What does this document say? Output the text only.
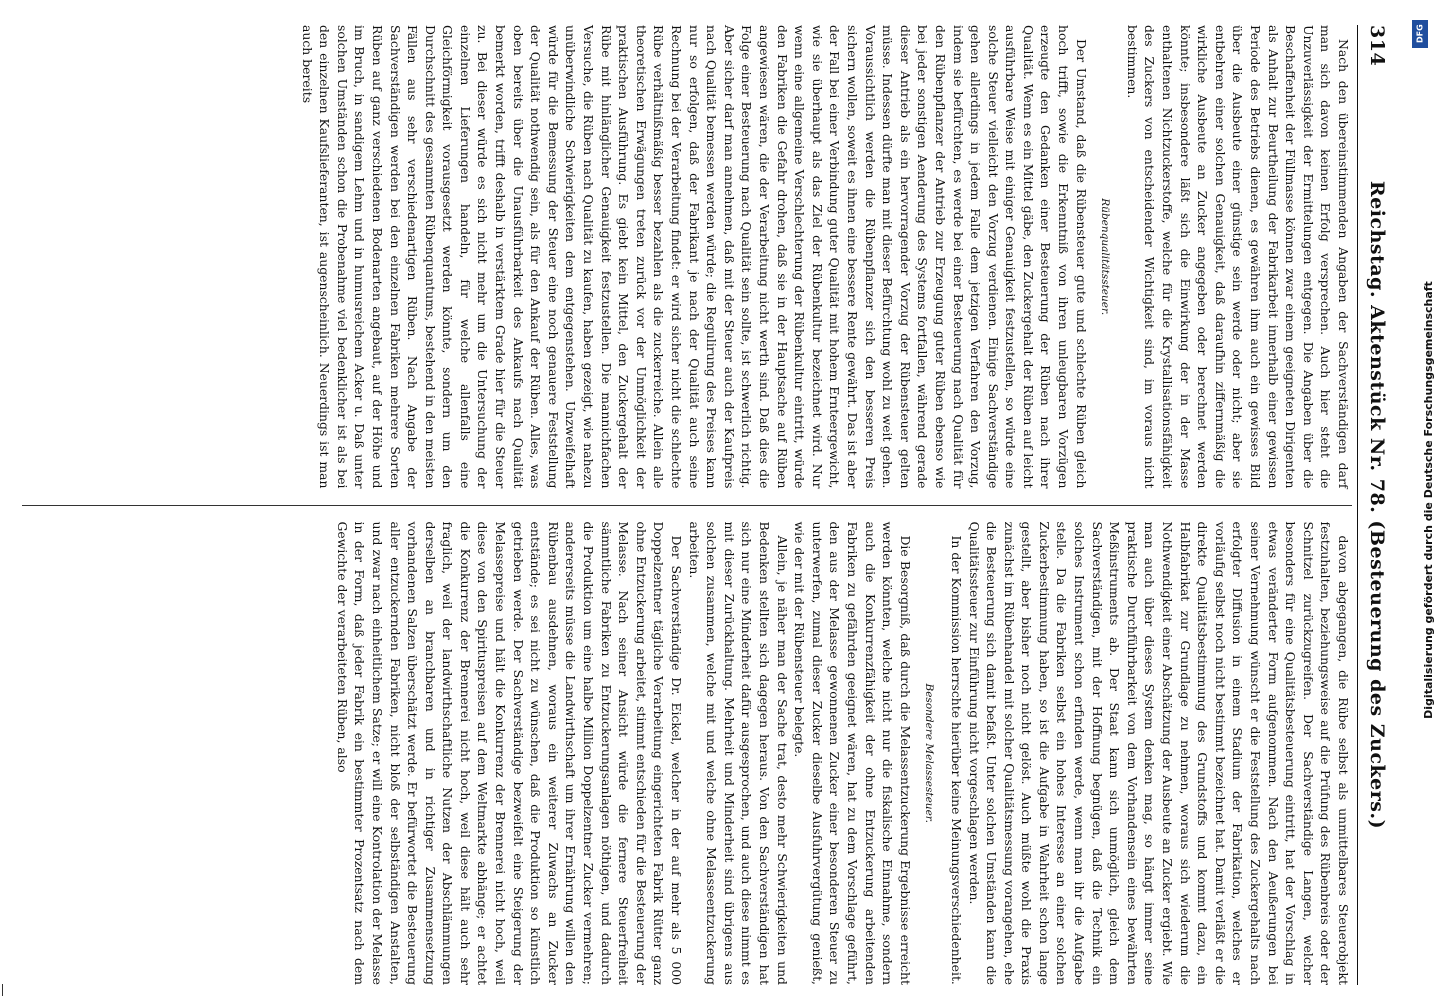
314
Reichstag. Aktenstück Nr. 78. (Besteuerung des Zuckers.)

Nach den übereinstimmenden Angaben der Sachverständigen darf man sich davon keinen Erfolg versprechen. Auch hier steht die Unzuverlässigkeit der Ermittelungen entgegen. Die Angaben über die Beschaffenheit der Füllmasse können zwar einem geeigneten Dirigenten als Anhalt zur Beurtheilung der Fabrikarbeit innerhalb einer gewissen Periode des Betriebs dienen, es gewähren ihm auch ein gewisses Bild über die Ausbeute einer günstige sein werde oder nicht; aber sie entbehren einer solchen Genauigkeit, daß daraufhin ziffernmäßig die wirkliche Ausbeute an Zucker angegeben oder berechnet werden könnte; insbesondere läßt sich die Einwirkung der in der Masse enthaltenen Nichtzuckerstoffe, welche für die Krystallisationsfähigkeit des Zuckers von entscheidender Wichtigkeit sind, im voraus nicht bestimmen.

Rübenqualitätssteuer.

Der Umstand, daß die Rübensteuer gute und schlechte Rüben gleich hoch trifft, sowie die Erkenntniß von ihren unleugbaren Vorzügen erzeugte den Gedanken einer Besteuerung der Rüben nach ihrer Qualität. Wenn es ein Mittel gäbe, den Zuckergehalt der Rüben auf leicht ausführbare Weise mit einiger Genauigkeit festzustellen, so würde eine solche Steuer vielleicht den Vorzug verdienen. Einige Sachverständige gehen allerdings in jedem Falle dem jetzigen Verfahren den Vorzug, indem sie befürchten, es werde bei einer Besteuerung nach Qualität für den Rübenpflanzer der Antrieb zur Erzeugung guter Rüben ebenso wie bei jeder sonstigen Aenderung des Systems fortfallen, während gerade dieser Antrieb als ein hervorragender Vorzug der Rübensteuer gelten müsse. Indessen dürfte man mit dieser Befürchtung wohl zu weit gehen. Voraussichtlich werden die Rübenpflanzer sich den besseren Preis sichern wollen, soweit es ihnen eine bessere Rente gewährt. Das ist aber der Fall bei einer Verbindung guter Qualität mit hohem Ernteergewicht, wie sie überhaupt als das Ziel der Rübenkultur bezeichnet wird. Nur wenn eine allgemeine Verschlechterung der Rübenkultur eintritt, würde den Fabriken die Gefahr drohen, daß sie in der Hauptsache auf Rüben angewiesen wären, die der Verarbeitung nicht werth sind. Daß dies die Folge einer Besteuerung nach Qualität sein sollte, ist schwerlich richtig. Aber sicher darf man annehmen, daß mit der Steuer auch der Kaufpreis nach Qualität bemessen werden würde; die Regulirung des Preises kann nur so erfolgen, daß der Fabrikant je nach der Qualität auch seine Rechnung bei der Verarbeitung findet: er wird sicher nicht die schlechte Rübe verhältnißmäßig besser bezahlen als die zuckerreiche. Allein alle theoretischen Erwägungen treten zurück vor der Unmöglichkeit der praktischen Ausführung. Es giebt kein Mittel, den Zuckergehalt der Rübe mit hinlänglicher Genauigkeit festzustellen. Die mannichfachen Versuche, die Rüben nach Qualität zu kaufen, haben gezeigt, wie nahezu unüberwindliche Schwierigkeiten dem entgegenstehen. Unzweifelhaft würde für die Bemessung der Steuer eine noch genauere Feststellung der Qualität nothwendig sein, als für den Ankauf der Rüben. Alles, was oben bereits über die Unausführbarkeit des Ankaufs nach Qualität bemerkt worden, trifft deshalb in verstärktem Grade hier für die Steuer zu. Bei dieser würde es sich nicht mehr um die Untersuchung der einzelnen Lieferungen handeln, für welche allenfalls eine Gleichförmigkeit vorausgesetzt werden könnte, sondern um den Durchschnitt des gesammten Rübenquantums, bestehend in den meisten Fällen aus sehr verschiedenartigen Rüben. Nach Angabe der Sachverständigen werden bei den einzelnen Fabriken mehrere Sorten Rüben auf ganz verschiedenen Bodenarten angebaut, auf der Höhe und im Bruch, in sandigem Lehm und in humusreichem Acker u. Daß unter solchen Umständen schon die Probenahme viel bedenklicher ist als bei den einzelnen Kaufslieferanten, ist augenscheinlich. Neuerdings ist man auch bereits

davon abgegangen, die Rübe selbst als unmittelbares Steuerobjekt festzuhalten, beziehungsweise auf die Prüfung des Rübenbreis oder der Schnitzel zurückzugreifen. Der Sachverständige Langen, welcher besonders für eine Qualitätsbesteuerung eintritt, hat der Vorschlag in etwas veränderter Form aufgenommen. Nach den Aeußerungen bei seiner Vernehmung wünscht er die Feststellung des Zuckergehalts nach erfolgter Diffusion in einem Stadium der Fabrikation, welches er vorläufig selbst noch nicht bestimmt bezeichnet hat. Damit verläßt er die direkte Qualitätsbestimmung des Grundstoffs und kommt dazu, ein Halbfabrikat zur Grundlage zu nehmen, woraus sich wiederum die Nothwendigkeit einer Abschätzung der Ausbeute an Zucker ergiebt. Wie man auch über dieses System denken mag, so hängt immer seine praktische Durchführbarkeit von dem Vorhandensein eines bewährten Meßinstruments ab. Der Staat kann sich unmöglich, gleich dem Sachverständigen, mit der Hoffnung begnügen, daß die Technik ein solches Instrument schon erfinden werde, wenn man ihr die Aufgabe stelle. Da die Fabriken selbst ein hohes Interesse an einer solchen Zuckerbestimmung haben, so ist die Aufgabe in Wahrheit schon lange gestellt, aber bisher noch nicht gelöst. Auch müßte wohl die Praxis zunächst im Rübenhandel mit solcher Qualitätsmessung vorangehen, ehe die Besteuerung sich damit befaßt. Unter solchen Umständen kann die Qualitätssteuer zur Einführung nicht vorgeschlagen werden.

In der Kommission herrschte hierüber keine Meinungsverschiedenheit.

Besondere Melassesteuer.

Die Besorgniß, daß durch die Melassentzuckerung Ergebnisse erreicht werden könnten, welche nicht nur die fiskalische Einnahme, sondern auch die Konkurrenzfähigkeit der ohne Entzuckerung arbeitenden Fabriken zu gefährden geeignet wären, hat zu dem Vorschlage geführt, den aus der Melasse gewonnenen Zucker einer besonderen Steuer zu unterwerfen, zumal dieser Zucker dieselbe Ausfuhrvergütung genießt, wie der mit der Rübensteuer belegte.

Allein, je näher man der Sache trat, desto mehr Schwierigkeiten und Bedenken stellten sich dagegen heraus. Von den Sachverständigen hat sich nur eine Minderheit dafür ausgesprochen, und auch diese nimmt es mit dieser Zurückhaltung. Mehrheit und Minderheit sind übrigens aus solchen zusammen, welche mit und welche ohne Melasseentzuckerung arbeiten.

Der Sachverständige Dr. Eickel, welcher in der auf mehr als 5 000 Doppelzentner tägliche Verarbeitung eingerichteten Fabrik Rütter ganz ohne Entzuckerung arbeitet, stimmt entschieden für die Besteuerung der Melasse. Nach seiner Ansicht würde die fernere Steuerfreiheit sämmtliche Fabriken zu Entzuckerungsanlagen nöthigen, und dadurch die Produktion um eine halbe Million Doppelzentner Zucker vermehren; andererseits müsse die Landwirthschaft um ihrer Ernährung willen den Rübenbau ausdehnen, woraus ein weiterer Zuwachs an Zucker entstände; es sei nicht zu wünschen, daß die Produktion so künstlich getrieben werde. Der Sachverständige bezweifelt eine Steigerung der Melassepreise und hält die Konkurrenz der Brennerei nicht hoch, weil diese von den Spirituspreisen auf dem Weltmarkte abhänge; er achtet die Konkurrenz der Brennerei nicht hoch, weil diese hält auch sehr fraglich, weil der landwirthschaftliche Nutzen der Abschlämmungen derselben an branchbaren und in richtiger Zusammensetzung vorhandenen Salzen überschätzt werde. Er befürwortet die Besteuerung aller entzuckernden Fabriken, nicht bloß der selbständigen Anstalten, und zwar nach einheitlichem Satze; er will eine Kontrolation der Melasse in der Form, daß jeder Fabrik ein bestimmter Prozentsatz nach dem Gewichte der verarbeiteten Rüben, also	Digitalisierung gefördert durch die Deutsche Forschungsgemeinschaft
DFG
